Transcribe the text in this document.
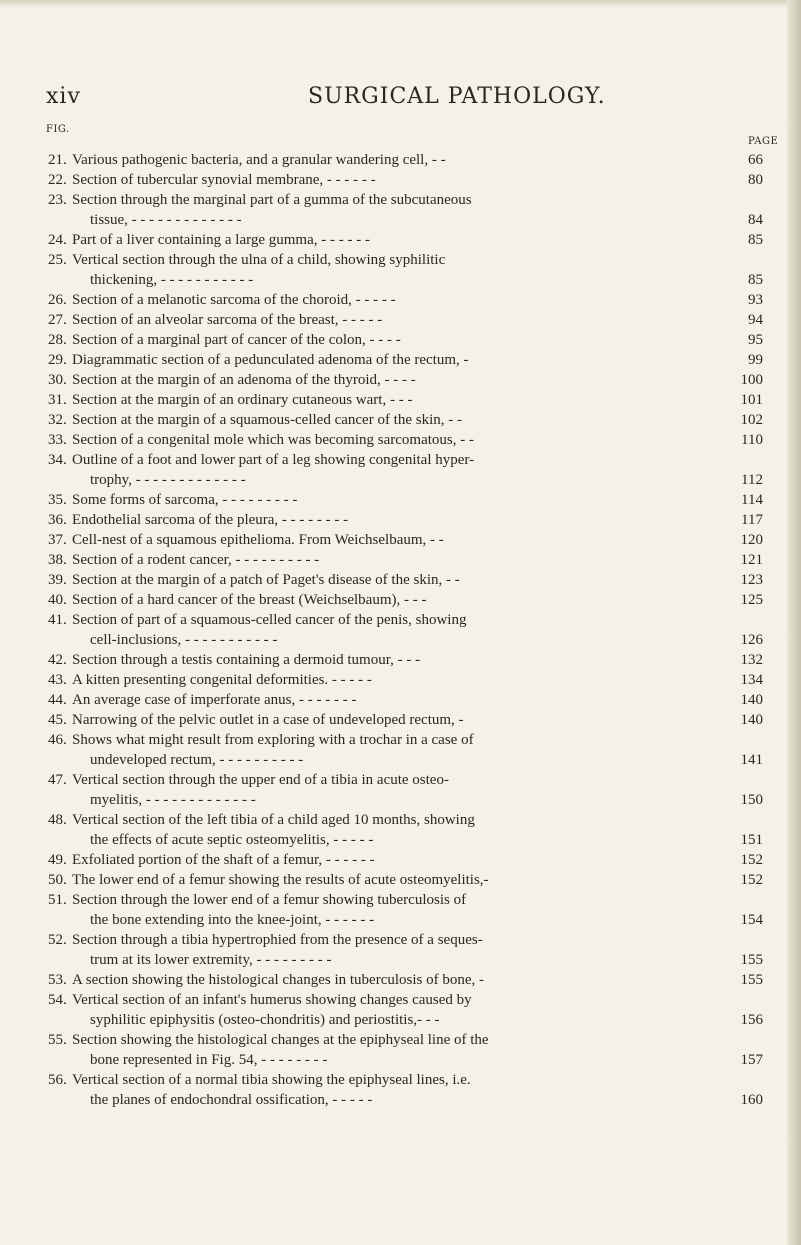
xiv	SURGICAL PATHOLOGY.
FIG.
PAGE
21. Various pathogenic bacteria, and a granular wandering cell, - -	66
22. Section of tubercular synovial membrane, - - - - - -	80
23. Section through the marginal part of a gumma of the subcutaneous
tissue, - - - - - - - - - - - - -	84
24. Part of a liver containing a large gumma, - - - - - -	85
25. Vertical section through the ulna of a child, showing syphilitic
thickening, - - - - - - - - - - -	85
26. Section of a melanotic sarcoma of the choroid, - - - - -	93
27. Section of an alveolar sarcoma of the breast, - - - - -	94
28. Section of a marginal part of cancer of the colon, - - - -	95
29. Diagrammatic section of a pedunculated adenoma of the rectum, -	99
30. Section at the margin of an adenoma of the thyroid, - - - -	100
31. Section at the margin of an ordinary cutaneous wart, - - -	101
32. Section at the margin of a squamous-celled cancer of the skin, - -	102
33. Section of a congenital mole which was becoming sarcomatous, - -	110
34. Outline of a foot and lower part of a leg showing congenital hyper-
trophy, - - - - - - - - - - - - -	112
35. Some forms of sarcoma, - - - - - - - - -	114
36. Endothelial sarcoma of the pleura, - - - - - - - -	117
37. Cell-nest of a squamous epithelioma. From Weichselbaum, - -	120
38. Section of a rodent cancer, - - - - - - - - - -	121
39. Section at the margin of a patch of Paget's disease of the skin, - -	123
40. Section of a hard cancer of the breast (Weichselbaum), - - -	125
41. Section of part of a squamous-celled cancer of the penis, showing
cell-inclusions, - - - - - - - - - - -	126
42. Section through a testis containing a dermoid tumour, - - -	132
43. A kitten presenting congenital deformities. - - - - -	134
44. An average case of imperforate anus, - - - - - - -	140
45. Narrowing of the pelvic outlet in a case of undeveloped rectum, -	140
46. Shows what might result from exploring with a trochar in a case of
undeveloped rectum, - - - - - - - - - -	141
47. Vertical section through the upper end of a tibia in acute osteo-
myelitis, - - - - - - - - - - - - -	150
48. Vertical section of the left tibia of a child aged 10 months, showing
the effects of acute septic osteomyelitis, - - - - -	151
49. Exfoliated portion of the shaft of a femur, - - - - - -	152
50. The lower end of a femur showing the results of acute osteomyelitis,-	152
51. Section through the lower end of a femur showing tuberculosis of
the bone extending into the knee-joint, - - - - - -	154
52. Section through a tibia hypertrophied from the presence of a seques-
trum at its lower extremity, - - - - - - - - -	155
53. A section showing the histological changes in tuberculosis of bone, -	155
54. Vertical section of an infant's humerus showing changes caused by
syphilitic epiphysitis (osteo-chondritis) and periostitis,- - -	156
55. Section showing the histological changes at the epiphyseal line of the
bone represented in Fig. 54, - - - - - - - -	157
56. Vertical section of a normal tibia showing the epiphyseal lines, i.e.
the planes of endochondral ossification, - - - - -	160
